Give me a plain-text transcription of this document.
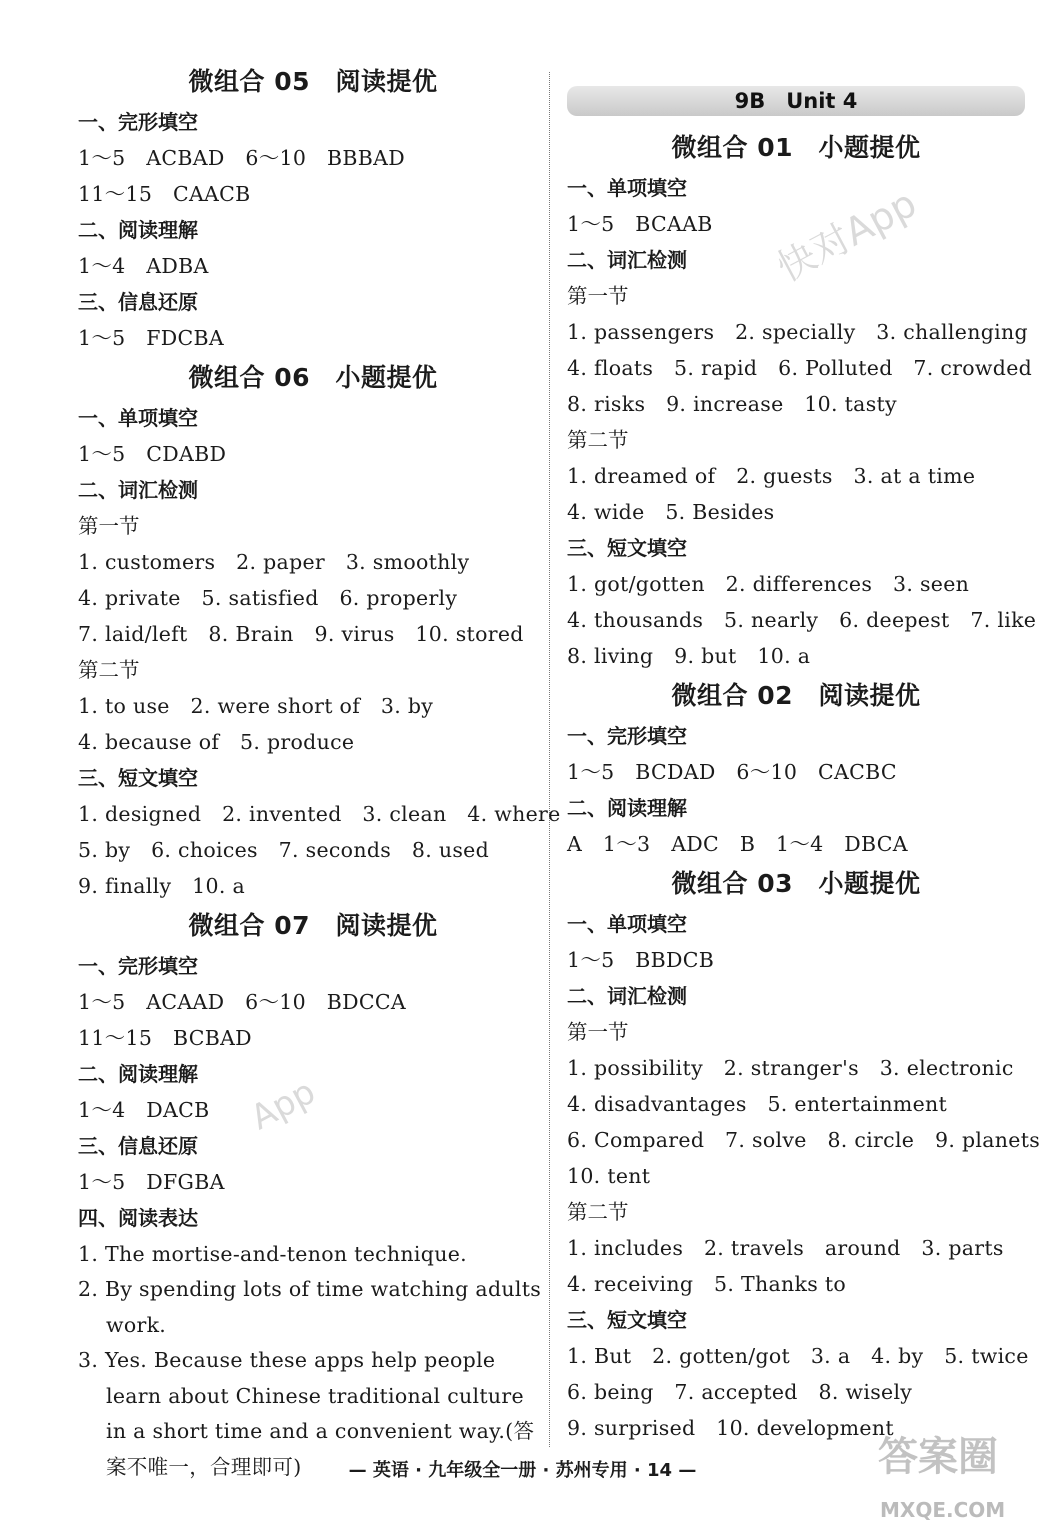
微组合 05　阅读提优
一、完形填空
1～5　ACBAD　6～10　BBBAD
11～15　CAACB
二、阅读理解
1～4　ADBA
三、信息还原
1～5　FDCBA
微组合 06　小题提优
一、单项填空
1～5　CDABD
二、词汇检测
第一节
1. customers　2. paper　3. smoothly
4. private　5. satisfied　6. properly
7. laid/left　8. Brain　9. virus　10. stored
第二节
1. to use　2. were short of　3. by
4. because of　5. produce
三、短文填空
1. designed　2. invented　3. clean　4. where
5. by　6. choices　7. seconds　8. used
9. finally　10. a
微组合 07　阅读提优
一、完形填空
1～5　ACAAD　6～10　BDCCA
11～15　BCBAD
二、阅读理解
1～4　DACB
三、信息还原
1～5　DFGBA
四、阅读表达
1. The mortise-and-tenon technique.
2. By spending lots of time watching adults work.
3. Yes. Because these apps help people learn about Chinese traditional culture in a short time and a convenient way.(答案不唯一，合理即可)
9B　Unit 4
微组合 01　小题提优
一、单项填空
1～5　BCAAB
二、词汇检测
第一节
1. passengers　2. specially　3. challenging
4. floats　5. rapid　6. Polluted　7. crowded
8. risks　9. increase　10. tasty
第二节
1. dreamed of　2. guests　3. at a time
4. wide　5. Besides
三、短文填空
1. got/gotten　2. differences　3. seen
4. thousands　5. nearly　6. deepest　7. like
8. living　9. but　10. a
微组合 02　阅读提优
一、完形填空
1～5　BCDAD　6～10　CACBC
二、阅读理解
A　1～3　ADC　B　1～4　DBCA
微组合 03　小题提优
一、单项填空
1～5　BBDCB
二、词汇检测
第一节
1. possibility　2. stranger's　3. electronic
4. disadvantages　5. entertainment
6. Compared　7. solve　8. circle　9. planets
10. tent
第二节
1. includes　2. travels　around　3. parts
4. receiving　5. Thanks to
三、短文填空
1. But　2. gotten/got　3. a　4. by　5. twice
6. being　7. accepted　8. wisely
9. surprised　10. development
— 英语 · 九年级全一册 · 苏州专用 · 14 —
快对App
App
答案圈
MXQE.COM
